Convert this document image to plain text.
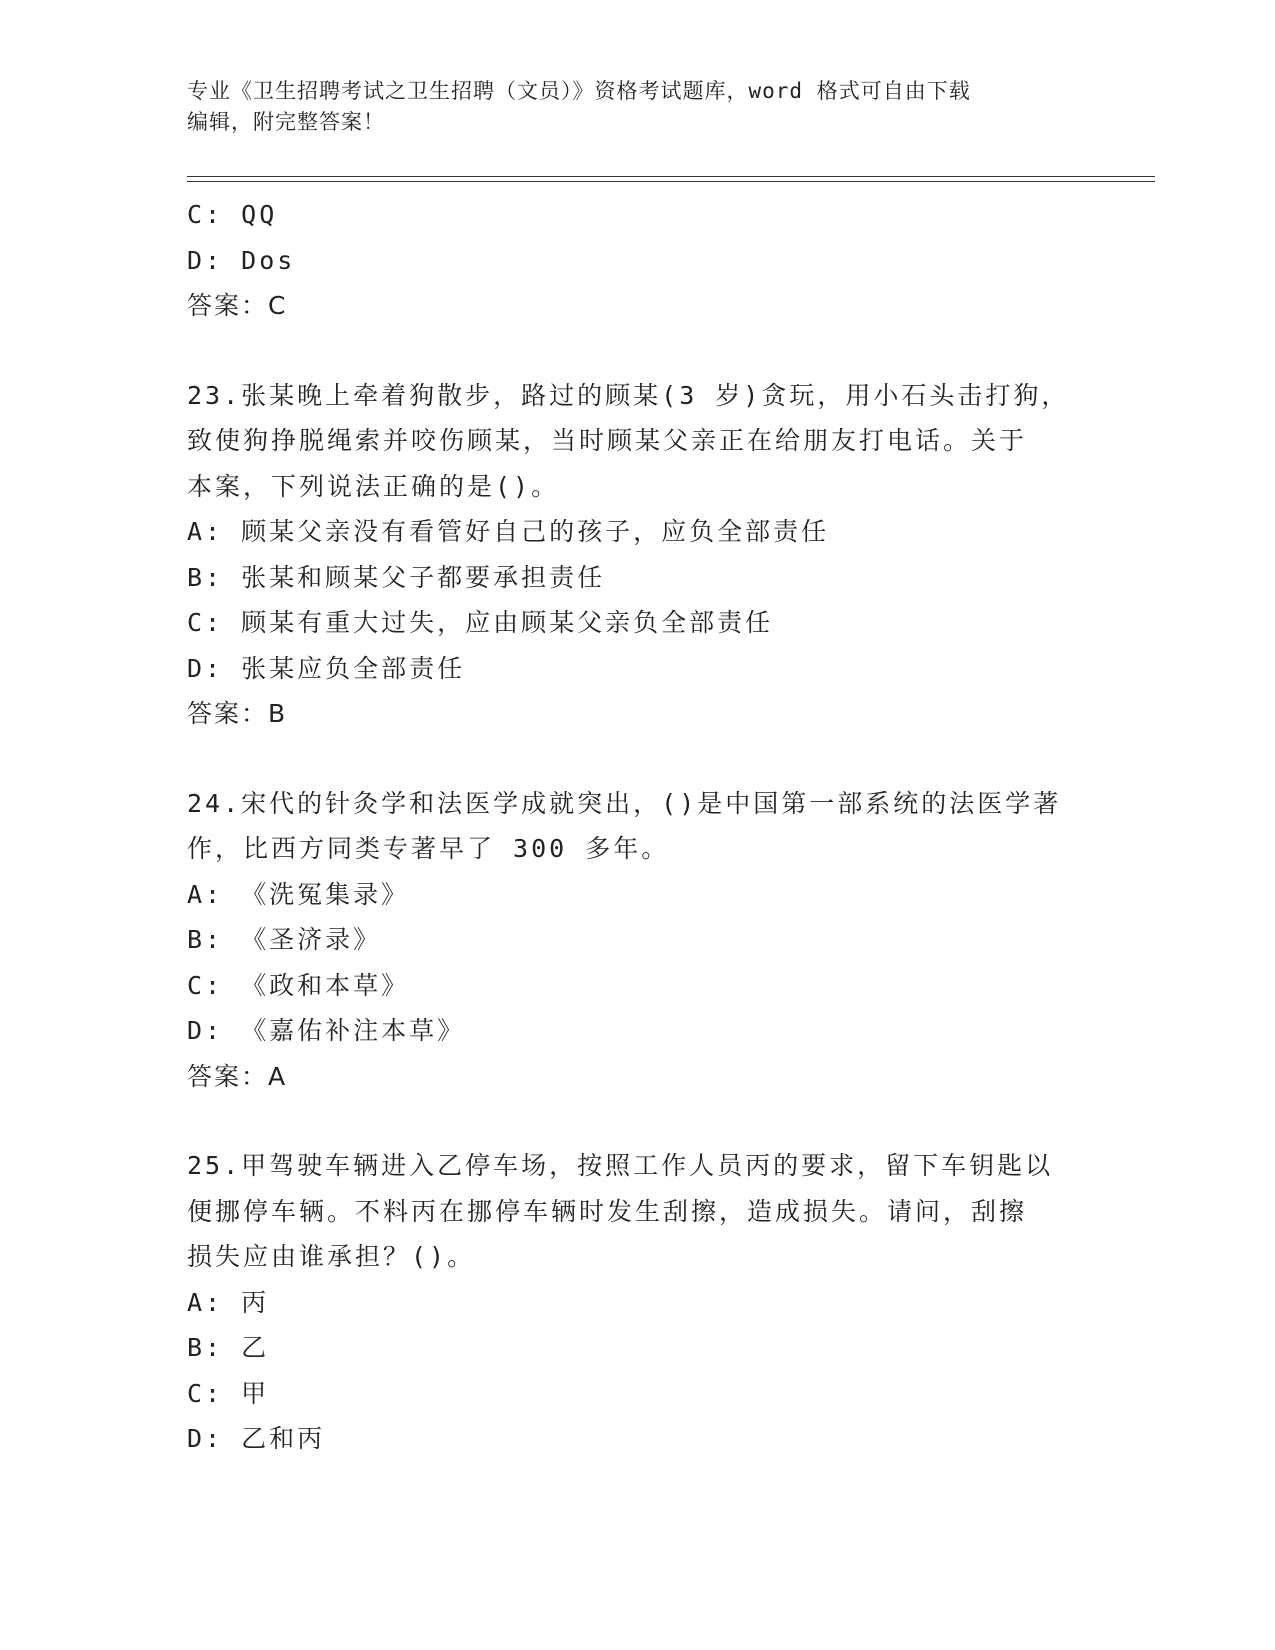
专业《卫生招聘考试之卫生招聘（文员）》资格考试题库，word 格式可自由下载
编辑，附完整答案！
C: QQ
D: Dos
答案：C
23.张某晚上牵着狗散步，路过的顾某(3 岁)贪玩，用小石头击打狗，
致使狗挣脱绳索并咬伤顾某，当时顾某父亲正在给朋友打电话。关于
本案，下列说法正确的是()。
A: 顾某父亲没有看管好自己的孩子，应负全部责任
B: 张某和顾某父子都要承担责任
C: 顾某有重大过失，应由顾某父亲负全部责任
D: 张某应负全部责任
答案：B
24.宋代的针灸学和法医学成就突出，()是中国第一部系统的法医学著
作，比西方同类专著早了 300 多年。
A: 《洗冤集录》
B: 《圣济录》
C: 《政和本草》
D: 《嘉佑补注本草》
答案：A
25.甲驾驶车辆进入乙停车场，按照工作人员丙的要求，留下车钥匙以
便挪停车辆。不料丙在挪停车辆时发生刮擦，造成损失。请问，刮擦
损失应由谁承担？()。
A: 丙
B: 乙
C: 甲
D: 乙和丙
